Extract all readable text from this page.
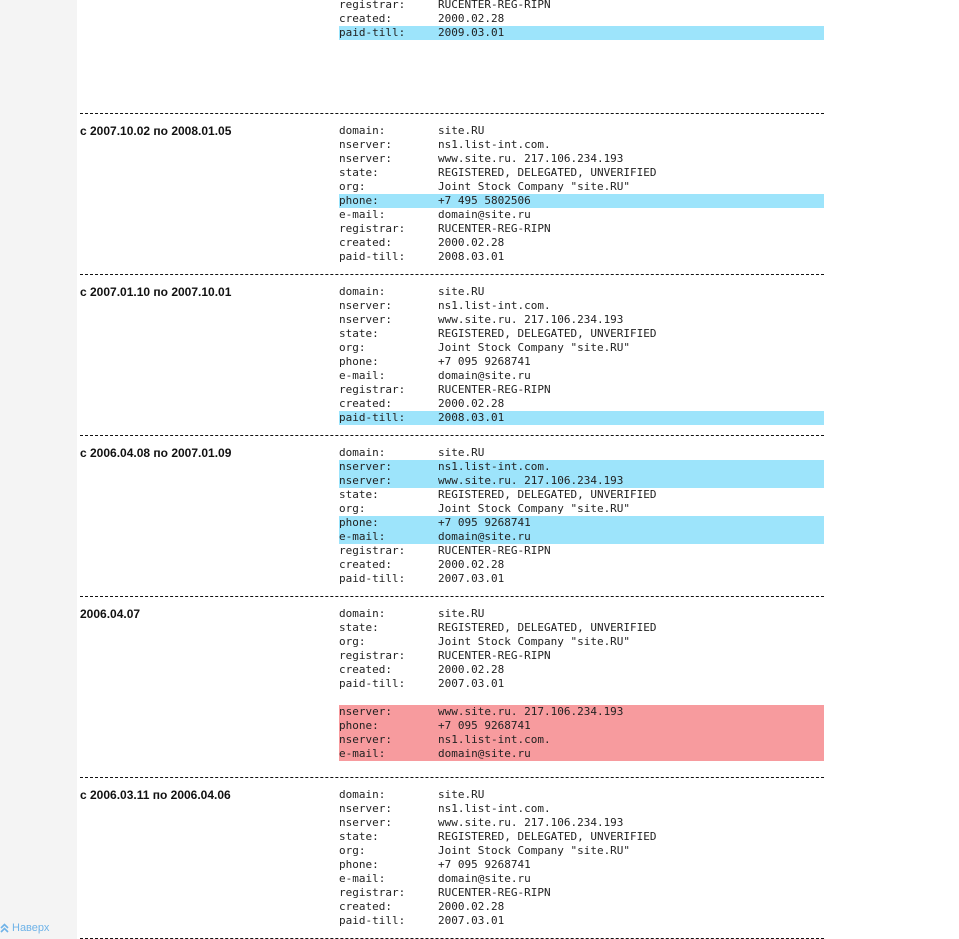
Наверх
registrar:	RUCENTER-REG-RIPN
created:	2000.02.28
paid-till:	2009.03.01
с 2007.10.02 по 2008.01.05	domain:	site.RU
nserver:	ns1.list-int.com.
nserver:	www.site.ru. 217.106.234.193
state:	REGISTERED, DELEGATED, UNVERIFIED
org:	Joint Stock Company "site.RU"
phone:	+7 495 5802506
e-mail:	domain@site.ru
registrar:	RUCENTER-REG-RIPN
created:	2000.02.28
paid-till:	2008.03.01
с 2007.01.10 по 2007.10.01	domain:	site.RU
nserver:	ns1.list-int.com.
nserver:	www.site.ru. 217.106.234.193
state:	REGISTERED, DELEGATED, UNVERIFIED
org:	Joint Stock Company "site.RU"
phone:	+7 095 9268741
e-mail:	domain@site.ru
registrar:	RUCENTER-REG-RIPN
created:	2000.02.28
paid-till:	2008.03.01
с 2006.04.08 по 2007.01.09	domain:	site.RU
nserver:	ns1.list-int.com.
nserver:	www.site.ru. 217.106.234.193
state:	REGISTERED, DELEGATED, UNVERIFIED
org:	Joint Stock Company "site.RU"
phone:	+7 095 9268741
e-mail:	domain@site.ru
registrar:	RUCENTER-REG-RIPN
created:	2000.02.28
paid-till:	2007.03.01
2006.04.07	domain:	site.RU
state:	REGISTERED, DELEGATED, UNVERIFIED
org:	Joint Stock Company "site.RU"
registrar:	RUCENTER-REG-RIPN
created:	2000.02.28
paid-till:	2007.03.01
nserver:	www.site.ru. 217.106.234.193
phone:	+7 095 9268741
nserver:	ns1.list-int.com.
e-mail:	domain@site.ru
с 2006.03.11 по 2006.04.06	domain:	site.RU
nserver:	ns1.list-int.com.
nserver:	www.site.ru. 217.106.234.193
state:	REGISTERED, DELEGATED, UNVERIFIED
org:	Joint Stock Company "site.RU"
phone:	+7 095 9268741
e-mail:	domain@site.ru
registrar:	RUCENTER-REG-RIPN
created:	2000.02.28
paid-till:	2007.03.01
